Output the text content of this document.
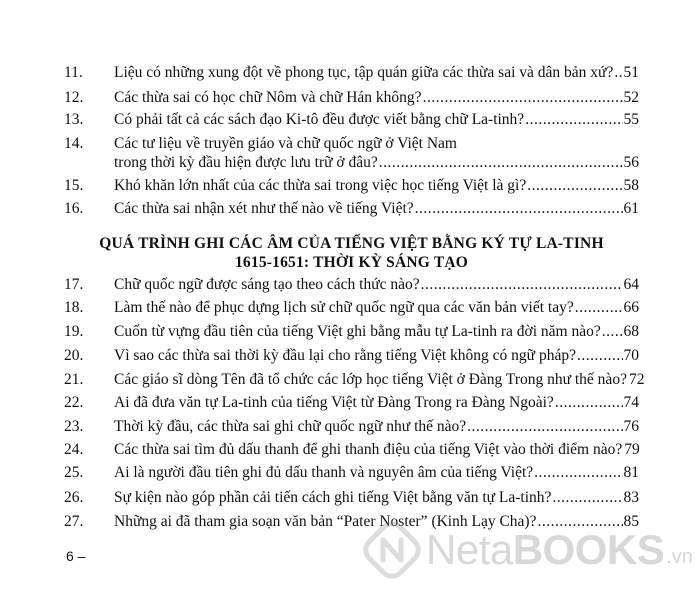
11.	Liệu có những xung đột về phong tục, tập quán giữa các thừa sai và dân bản xứ? ..... 51
12.	Các thừa sai có học chữ Nôm và chữ Hán không? .....	52
13.	Có phải tất cả các sách đạo Ki-tô đều được viết bằng chữ La-tinh? .....	55
14.	Các tư liệu về truyền giáo và chữ quốc ngữ ở Việt Nam
trong thời kỳ đầu hiện được lưu trữ ở đâu? .....	56
15.	Khó khăn lớn nhất của các thừa sai trong việc học tiếng Việt là gì? .....	58
16.	Các thừa sai nhận xét như thế nào về tiếng Việt? .....	61
QUÁ TRÌNH GHI CÁC ÂM CỦA TIẾNG VIỆT BẰNG KÝ TỰ LA-TINH
1615-1651: THỜI KỲ SÁNG TẠO
17.	Chữ quốc ngữ được sáng tạo theo cách thức nào? .....	64
18.	Làm thế nào để phục dựng lịch sử chữ quốc ngữ qua các văn bản viết tay? .....	66
19.	Cuốn từ vựng đầu tiên của tiếng Việt ghi bằng mẫu tự La-tinh ra đời năm nào? ..... 68
20.	Vì sao các thừa sai thời kỳ đầu lại cho rằng tiếng Việt không có ngữ pháp? .....	70
21.	Các giáo sĩ dòng Tên đã tổ chức các lớp học tiếng Việt ở Đàng Trong như thế nào? 72
22.	Ai đã đưa văn tự La-tinh của tiếng Việt từ Đàng Trong ra Đàng Ngoài? .....	74
23.	Thời kỳ đầu, các thừa sai ghi chữ quốc ngữ như thế nào? .....	76
24.	Các thừa sai tìm đủ dấu thanh để ghi thanh điệu của tiếng Việt vào thời điểm nào? 79
25.	Ai là người đầu tiên ghi đủ dấu thanh và nguyên âm của tiếng Việt? .....	81
26.	Sự kiện nào góp phần cải tiến cách ghi tiếng Việt bằng văn tự La-tinh? .....	83
27.	Những ai đã tham gia soạn văn bản “Pater Noster” (Kinh Lạy Cha)? .....	85
6 –	NetaBOOKS .vn
